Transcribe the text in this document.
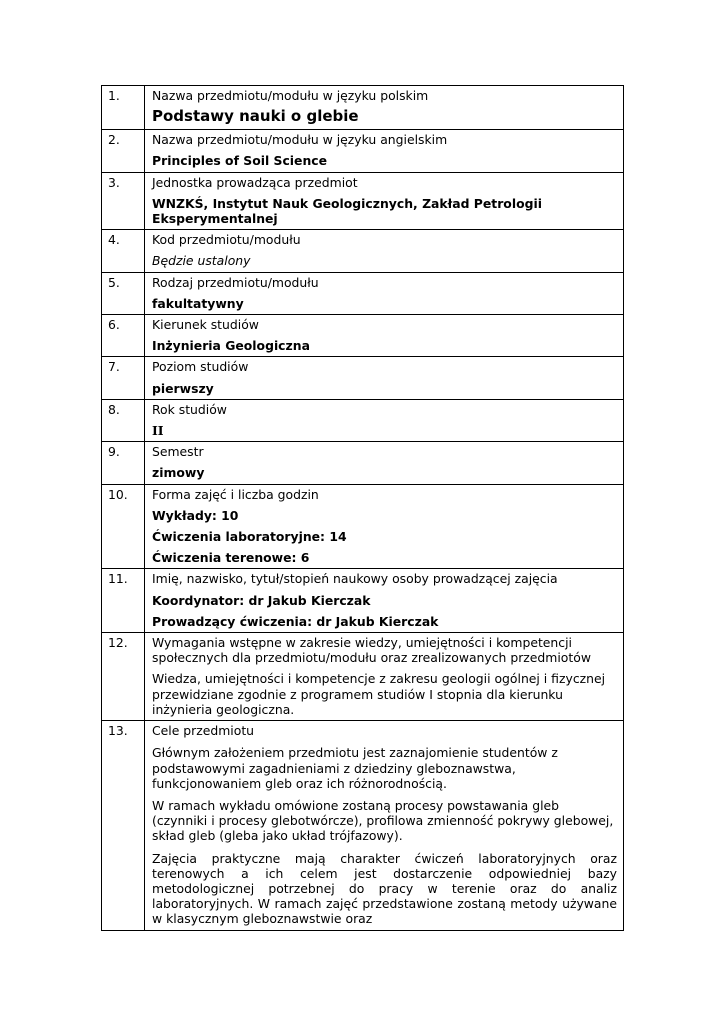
1.	Nazwa przedmiotu/modułu w języku polskim

Podstawy nauki o glebie

2.	Nazwa przedmiotu/modułu w języku angielskim

Principles of Soil Science

3.	Jednostka prowadząca przedmiot

WNZKŚ, Instytut Nauk Geologicznych, Zakład Petrologii Eksperymentalnej

4.	Kod przedmiotu/modułu

Będzie ustalony

5.	Rodzaj przedmiotu/modułu

fakultatywny

6.	Kierunek studiów

Inżynieria Geologiczna

7.	Poziom studiów

pierwszy

8.	Rok studiów

II

9.	Semestr

zimowy

10.	Forma zajęć i liczba godzin

Wykłady: 10

Ćwiczenia laboratoryjne: 14

Ćwiczenia terenowe: 6

11.	Imię, nazwisko, tytuł/stopień naukowy osoby prowadzącej zajęcia

Koordynator: dr Jakub Kierczak

Prowadzący ćwiczenia: dr Jakub Kierczak

12.	Wymagania wstępne w zakresie wiedzy, umiejętności i kompetencji społecznych dla przedmiotu/modułu oraz zrealizowanych przedmiotów

Wiedza, umiejętności i kompetencje z zakresu geologii ogólnej i fizycznej przewidziane zgodnie z programem studiów I stopnia dla kierunku inżynieria geologiczna.

13.	Cele przedmiotu

Głównym założeniem przedmiotu jest zaznajomienie studentów z podstawowymi zagadnieniami z dziedziny gleboznawstwa, funkcjonowaniem gleb oraz ich różnorodnością.

W ramach wykładu omówione zostaną procesy powstawania gleb (czynniki i procesy glebotwórcze), profilowa zmienność pokrywy glebowej, skład gleb (gleba jako układ trójfazowy).

Zajęcia praktyczne mają charakter ćwiczeń laboratoryjnych oraz terenowych a ich celem jest dostarczenie odpowiedniej bazy metodologicznej potrzebnej do pracy w terenie oraz do analiz laboratoryjnych. W ramach zajęć przedstawione zostaną metody używane w klasycznym gleboznawstwie oraz
